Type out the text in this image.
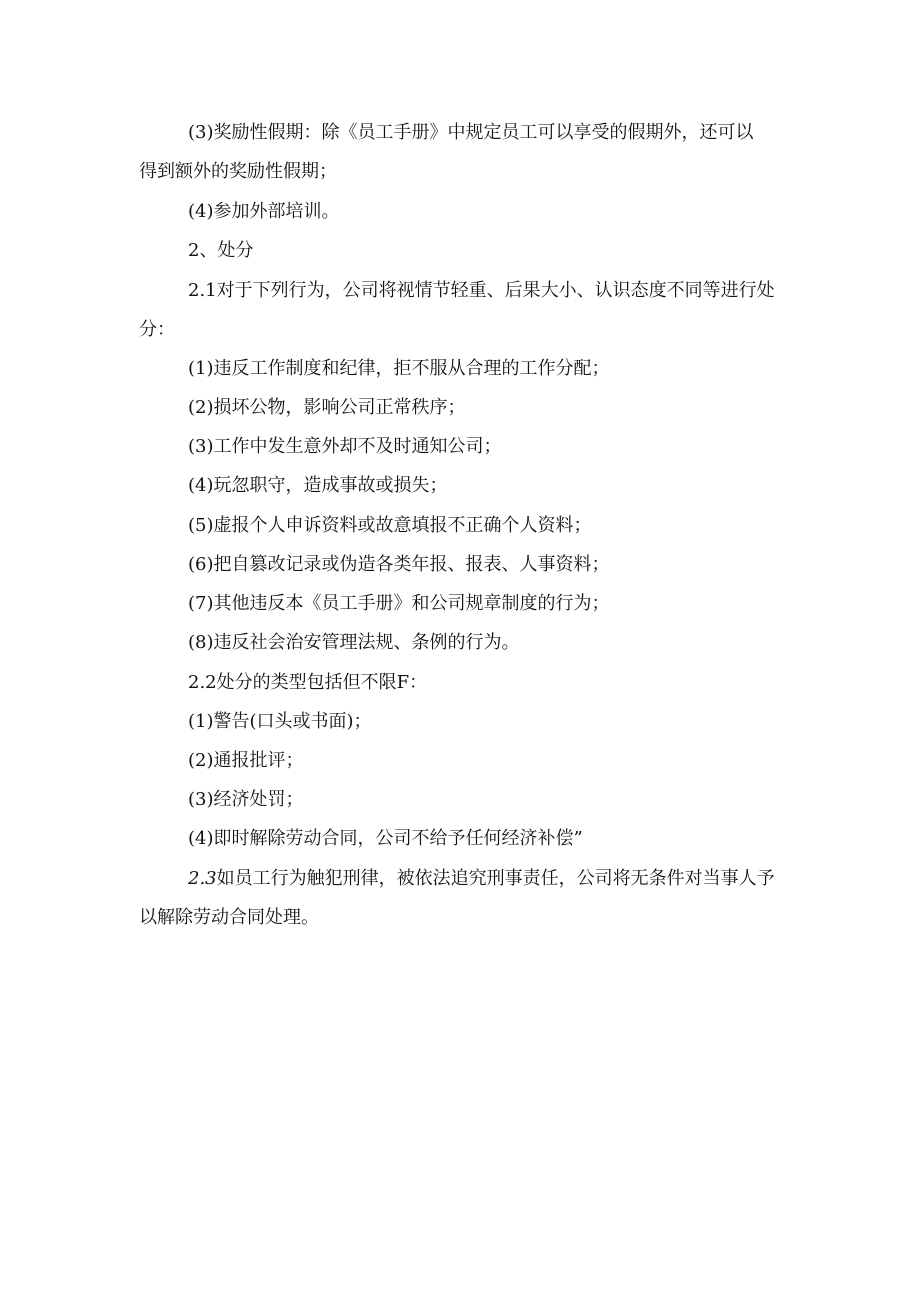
(3)奖励性假期：除《员工手册》中规定员工可以享受的假期外，还可以
得到额外的奖励性假期；
(4)参加外部培训。
2、处分
2.1对于下列行为，公司将视情节轻重、后果大小、认识态度不同等进行处
分：
(1)违反工作制度和纪律，拒不服从合理的工作分配；
(2)损坏公物，影响公司正常秩序；
(3)工作中发生意外却不及时通知公司；
(4)玩忽职守，造成事故或损失；
(5)虚报个人申诉资料或故意填报不正确个人资料；
(6)把自篡改记录或伪造各类年报、报表、人事资料；
(7)其他违反本《员工手册》和公司规章制度的行为；
(8)违反社会治安管理法规、条例的行为。
2.2处分的类型包括但不限F：
(1)警告(口头或书面)；
(2)通报批评；
(3)经济处罚；
(4)即时解除劳动合同，公司不给予任何经济补偿”
2.3如员工行为触犯刑律，被依法追究刑事责任，公司将无条件对当事人予
以解除劳动合同处理。
